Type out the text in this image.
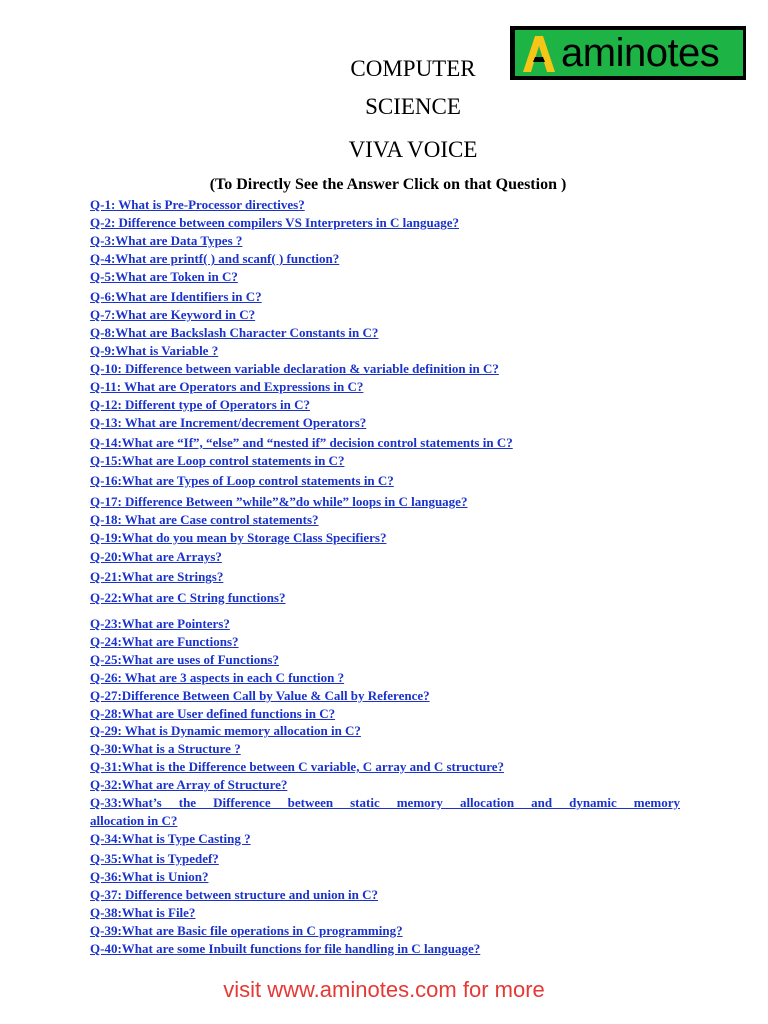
COMPUTER
SCIENCE
VIVA VOICE
aminotes
(To Directly See the Answer Click on that Question )
Q-1: What is Pre-Processor directives?
Q-2: Difference between compilers VS Interpreters in C language?
Q-3:What are Data Types ?
Q-4:What are printf( ) and scanf( ) function?
Q-5:What are Token in C?
Q-6:What are Identifiers in C?
Q-7:What are Keyword in C?
Q-8:What are Backslash Character Constants in C?
Q-9:What is Variable ?
Q-10: Difference between variable declaration & variable definition in C?
Q-11: What are Operators and Expressions in C?
Q-12: Different type of Operators in C?
Q-13: What are Increment/decrement Operators?
Q-14:What are “If”, “else” and “nested if” decision control statements in C?
Q-15:What are Loop control statements in C?
Q-16:What are Types of Loop control statements in C?
Q-17: Difference Between ”while”&”do while” loops in C language?
Q-18: What are Case control statements?
Q-19:What do you mean by Storage Class Specifiers?
Q-20:What are Arrays?
Q-21:What are Strings?
Q-22:What are C String functions?
Q-23:What are Pointers?
Q-24:What are Functions?
Q-25:What are uses of Functions?
Q-26: What are 3 aspects in each C function ?
Q-27:Difference Between Call by Value & Call by Reference?
Q-28:What are User defined functions in C?
Q-29: What is Dynamic memory allocation in C?
Q-30:What is a Structure ?
Q-31:What is the Difference between C variable, C array and C structure?
Q-32:What are Array of Structure?
Q-33:What’s the Difference between static memory allocation and dynamic memory
allocation in C?
Q-34:What is Type Casting ?
Q-35:What is Typedef?
Q-36:What is Union?
Q-37: Difference between structure and union in C?
Q-38:What is File?
Q-39:What are Basic file operations in C programming?
Q-40:What are some Inbuilt functions for file handling in C language?
visit www.aminotes.com for more
